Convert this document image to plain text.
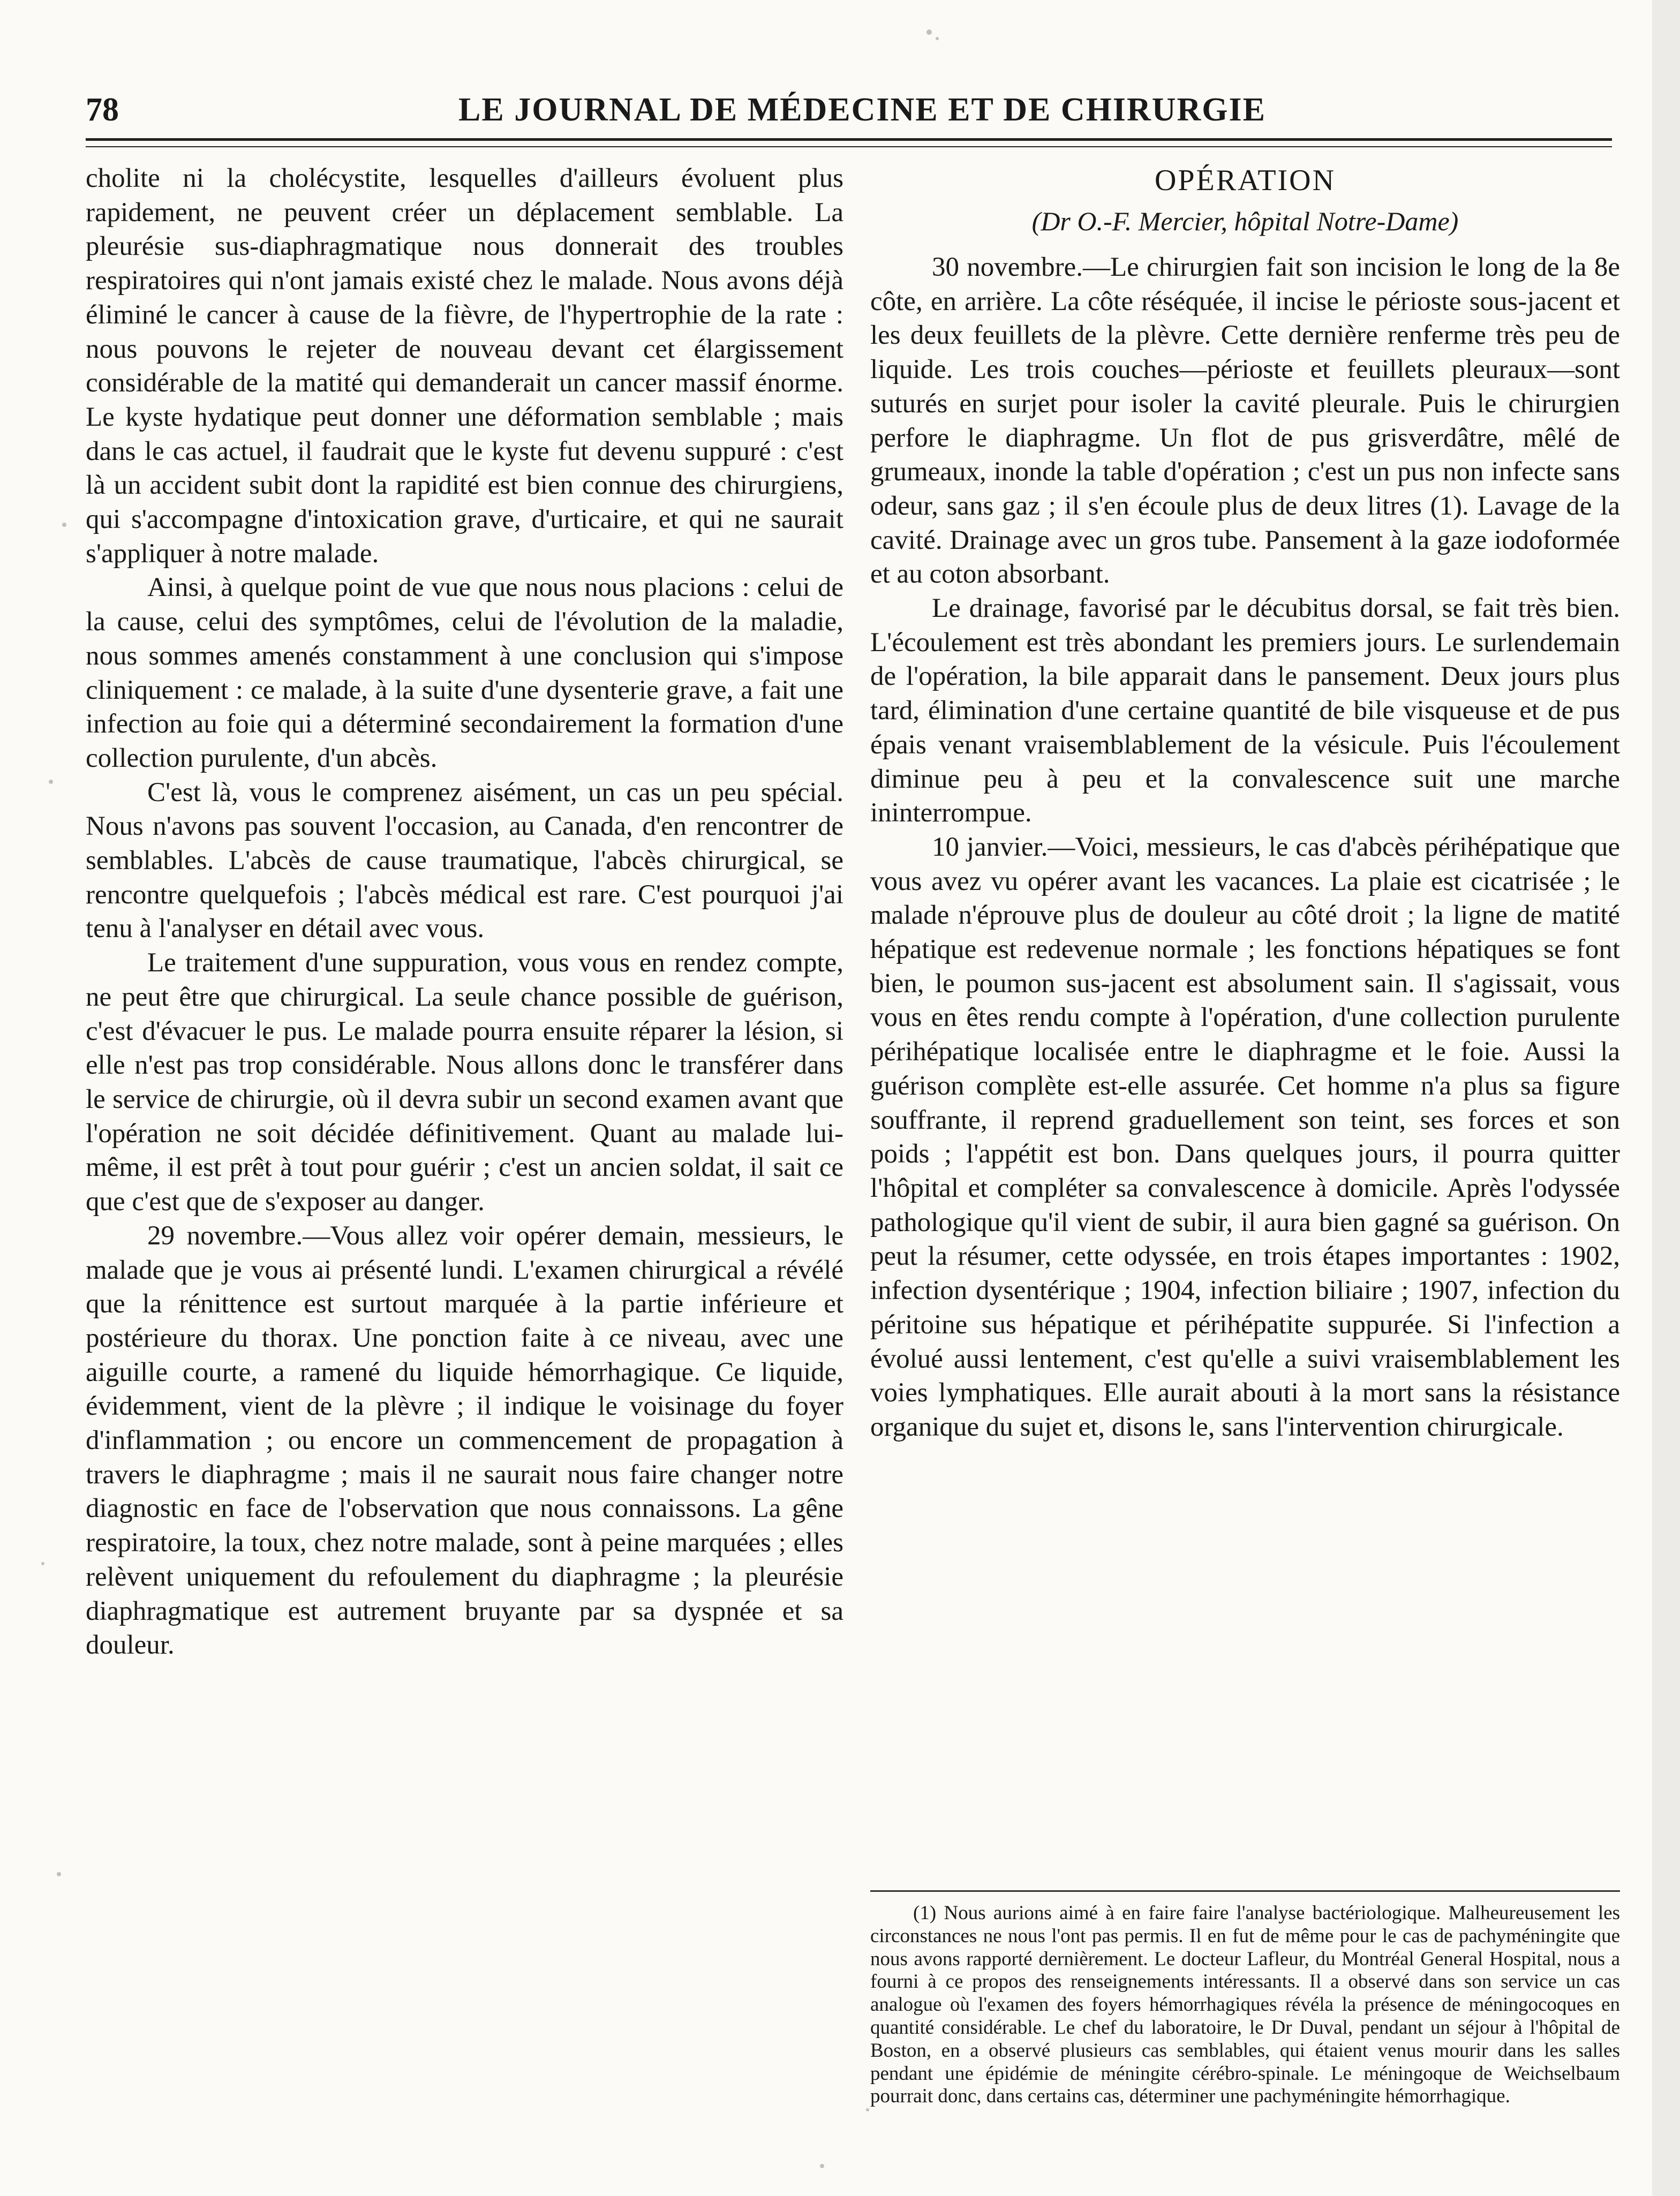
78	LE JOURNAL DE MÉDECINE ET DE CHIRURGIE

cholite ni la cholécystite, lesquelles d'ailleurs évoluent plus rapidement, ne peuvent créer un déplacement semblable. La pleurésie sus-diaphragmatique nous donnerait des troubles respiratoires qui n'ont jamais existé chez le malade. Nous avons déjà éliminé le cancer à cause de la fièvre, de l'hypertrophie de la rate : nous pouvons le rejeter de nouveau devant cet élargissement considérable de la matité qui demanderait un cancer massif énorme. Le kyste hydatique peut donner une déformation semblable ; mais dans le cas actuel, il faudrait que le kyste fut devenu suppuré : c'est là un accident subit dont la rapidité est bien connue des chirurgiens, qui s'accompagne d'intoxication grave, d'urticaire, et qui ne saurait s'appliquer à notre malade.

Ainsi, à quelque point de vue que nous nous placions : celui de la cause, celui des symptômes, celui de l'évolution de la maladie, nous sommes amenés constamment à une conclusion qui s'impose cliniquement : ce malade, à la suite d'une dysenterie grave, a fait une infection au foie qui a déterminé secondairement la formation d'une collection purulente, d'un abcès.

C'est là, vous le comprenez aisément, un cas un peu spécial. Nous n'avons pas souvent l'occasion, au Canada, d'en rencontrer de semblables. L'abcès de cause traumatique, l'abcès chirurgical, se rencontre quelquefois ; l'abcès médical est rare. C'est pourquoi j'ai tenu à l'analyser en détail avec vous.

Le traitement d'une suppuration, vous vous en rendez compte, ne peut être que chirurgical. La seule chance possible de guérison, c'est d'évacuer le pus. Le malade pourra ensuite réparer la lésion, si elle n'est pas trop considérable. Nous allons donc le transférer dans le service de chirurgie, où il devra subir un second examen avant que l'opération ne soit décidée définitivement. Quant au malade lui-même, il est prêt à tout pour guérir ; c'est un ancien soldat, il sait ce que c'est que de s'exposer au danger.

29 novembre.—Vous allez voir opérer demain, messieurs, le malade que je vous ai présenté lundi. L'examen chirurgical a révélé que la rénittence est surtout marquée à la partie inférieure et postérieure du thorax. Une ponction faite à ce niveau, avec une aiguille courte, a ramené du liquide hémorrhagique. Ce liquide, évidemment, vient de la plèvre ; il indique le voisinage du foyer d'inflammation ; ou encore un commencement de propagation à travers le diaphragme ; mais il ne saurait nous faire changer notre diagnostic en face de l'observation que nous connaissons. La gêne respiratoire, la toux, chez notre malade, sont à peine marquées ; elles relèvent uniquement du refoulement du diaphragme ; la pleurésie diaphragmatique est autrement bruyante par sa dyspnée et sa douleur.

OPÉRATION
(Dr O.-F. Mercier, hôpital Notre-Dame)

30 novembre.—Le chirurgien fait son incision le long de la 8e côte, en arrière. La côte réséquée, il incise le périoste sous-jacent et les deux feuillets de la plèvre. Cette dernière renferme très peu de liquide. Les trois couches—périoste et feuillets pleuraux—sont suturés en surjet pour isoler la cavité pleurale. Puis le chirurgien perfore le diaphragme. Un flot de pus grisverdâtre, mêlé de grumeaux, inonde la table d'opération ; c'est un pus non infecte sans odeur, sans gaz ; il s'en écoule plus de deux litres (1). Lavage de la cavité. Drainage avec un gros tube. Pansement à la gaze iodoformée et au coton absorbant.

Le drainage, favorisé par le décubitus dorsal, se fait très bien. L'écoulement est très abondant les premiers jours. Le surlendemain de l'opération, la bile apparait dans le pansement. Deux jours plus tard, élimination d'une certaine quantité de bile visqueuse et de pus épais venant vraisemblablement de la vésicule. Puis l'écoulement diminue peu à peu et la convalescence suit une marche ininterrompue.

10 janvier.—Voici, messieurs, le cas d'abcès périhépatique que vous avez vu opérer avant les vacances. La plaie est cicatrisée ; le malade n'éprouve plus de douleur au côté droit ; la ligne de matité hépatique est redevenue normale ; les fonctions hépatiques se font bien, le poumon sus-jacent est absolument sain. Il s'agissait, vous vous en êtes rendu compte à l'opération, d'une collection purulente périhépatique localisée entre le diaphragme et le foie. Aussi la guérison complète est-elle assurée. Cet homme n'a plus sa figure souffrante, il reprend graduellement son teint, ses forces et son poids ; l'appétit est bon. Dans quelques jours, il pourra quitter l'hôpital et compléter sa convalescence à domicile. Après l'odyssée pathologique qu'il vient de subir, il aura bien gagné sa guérison. On peut la résumer, cette odyssée, en trois étapes importantes : 1902, infection dysentérique ; 1904, infection biliaire ; 1907, infection du péritoine sus hépatique et périhépatite suppurée. Si l'infection a évolué aussi lentement, c'est qu'elle a suivi vraisemblablement les voies lymphatiques. Elle aurait abouti à la mort sans la résistance organique du sujet et, disons le, sans l'intervention chirurgicale.

(1) Nous aurions aimé à en faire faire l'analyse bactériologique. Malheureusement les circonstances ne nous l'ont pas permis. Il en fut de même pour le cas de pachyméningite que nous avons rapporté dernièrement. Le docteur Lafleur, du Montréal General Hospital, nous a fourni à ce propos des renseignements intéressants. Il a observé dans son service un cas analogue où l'examen des foyers hémorrhagiques révéla la présence de méningocoques en quantité considérable. Le chef du laboratoire, le Dr Duval, pendant un séjour à l'hôpital de Boston, en a observé plusieurs cas semblables, qui étaient venus mourir dans les salles pendant une épidémie de méningite cérébro-spinale. Le méningoque de Weichselbaum pourrait donc, dans certains cas, déterminer une pachyméningite hémorrhagique.
